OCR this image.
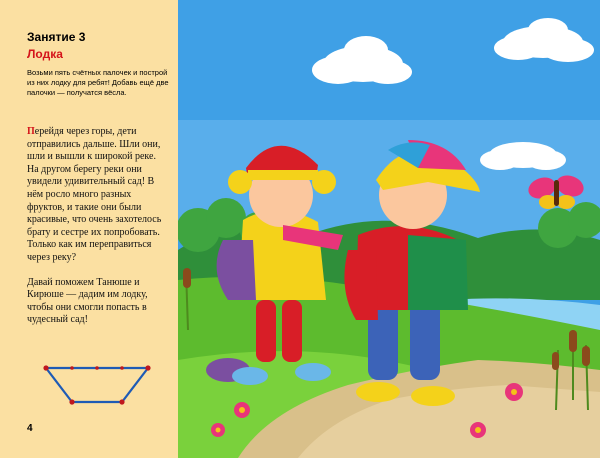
Занятие 3
Лодка
Возьми пять счётных палочек и построй из них лодку для ребят! Добавь ещё две палочки — получатся вёсла.

Перейдя через горы, дети отправились дальше. Шли они, шли и вышли к широкой реке. На другом берегу реки они увидели удивительный сад! В нём росло много разных фруктов, и такие они были красивые, что очень захотелось брату и сестре их попробовать. Только как им переправиться через реку?

Давай поможем Танюше и Кирюше — дадим им лодку, чтобы они смогли попасть в чудесный сад!

4
